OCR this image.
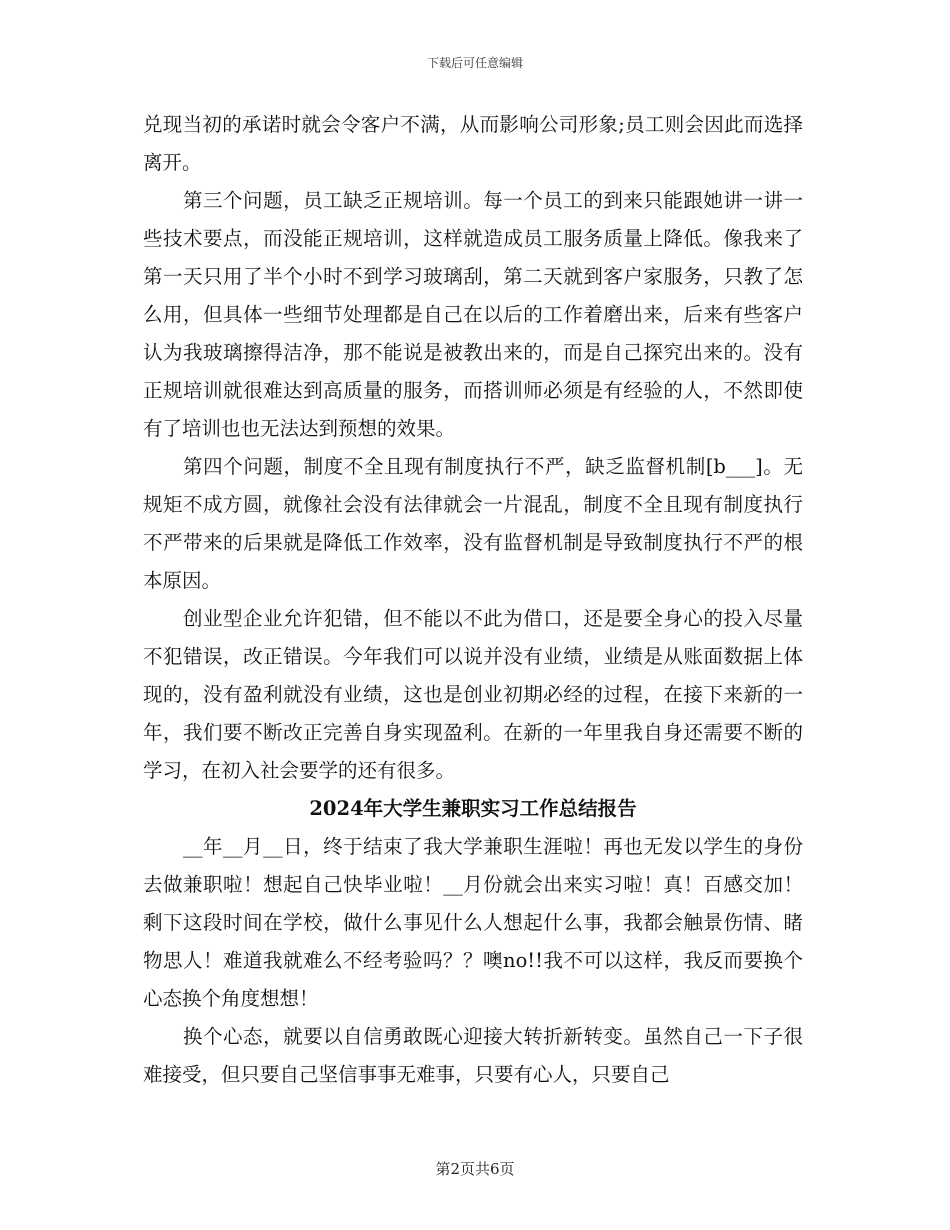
下载后可任意编辑

兑现当初的承诺时就会令客户不满，从而影响公司形象;员工则会因此而选择离开。

第三个问题，员工缺乏正规培训。每一个员工的到来只能跟她讲一讲一些技术要点，而没能正规培训，这样就造成员工服务质量上降低。像我来了第一天只用了半个小时不到学习玻璃刮，第二天就到客户家服务，只教了怎么用，但具体一些细节处理都是自己在以后的工作着磨出来，后来有些客户认为我玻璃擦得洁净，那不能说是被教出来的，而是自己探究出来的。没有正规培训就很难达到高质量的服务，而搭训师必须是有经验的人，不然即使有了培训也也无法达到预想的效果。

第四个问题，制度不全且现有制度执行不严，缺乏监督机制[b___]。无规矩不成方圆，就像社会没有法律就会一片混乱，制度不全且现有制度执行不严带来的后果就是降低工作效率，没有监督机制是导致制度执行不严的根本原因。

创业型企业允许犯错，但不能以不此为借口，还是要全身心的投入尽量不犯错误，改正错误。今年我们可以说并没有业绩，业绩是从账面数据上体现的，没有盈利就没有业绩，这也是创业初期必经的过程，在接下来新的一年，我们要不断改正完善自身实现盈利。在新的一年里我自身还需要不断的学习，在初入社会要学的还有很多。

2024年大学生兼职实习工作总结报告

__年__月__日，终于结束了我大学兼职生涯啦！再也无发以学生的身份去做兼职啦！想起自己快毕业啦！__月份就会出来实习啦！真！百感交加！剩下这段时间在学校，做什么事见什么人想起什么事，我都会触景伤情、睹物思人！难道我就难么不经考验吗？？噢no!!我不可以这样，我反而要换个心态换个角度想想！

换个心态，就要以自信勇敢既心迎接大转折新转变。虽然自己一下子很难接受，但只要自己坚信事事无难事，只要有心人，只要自己

第2页共6页
